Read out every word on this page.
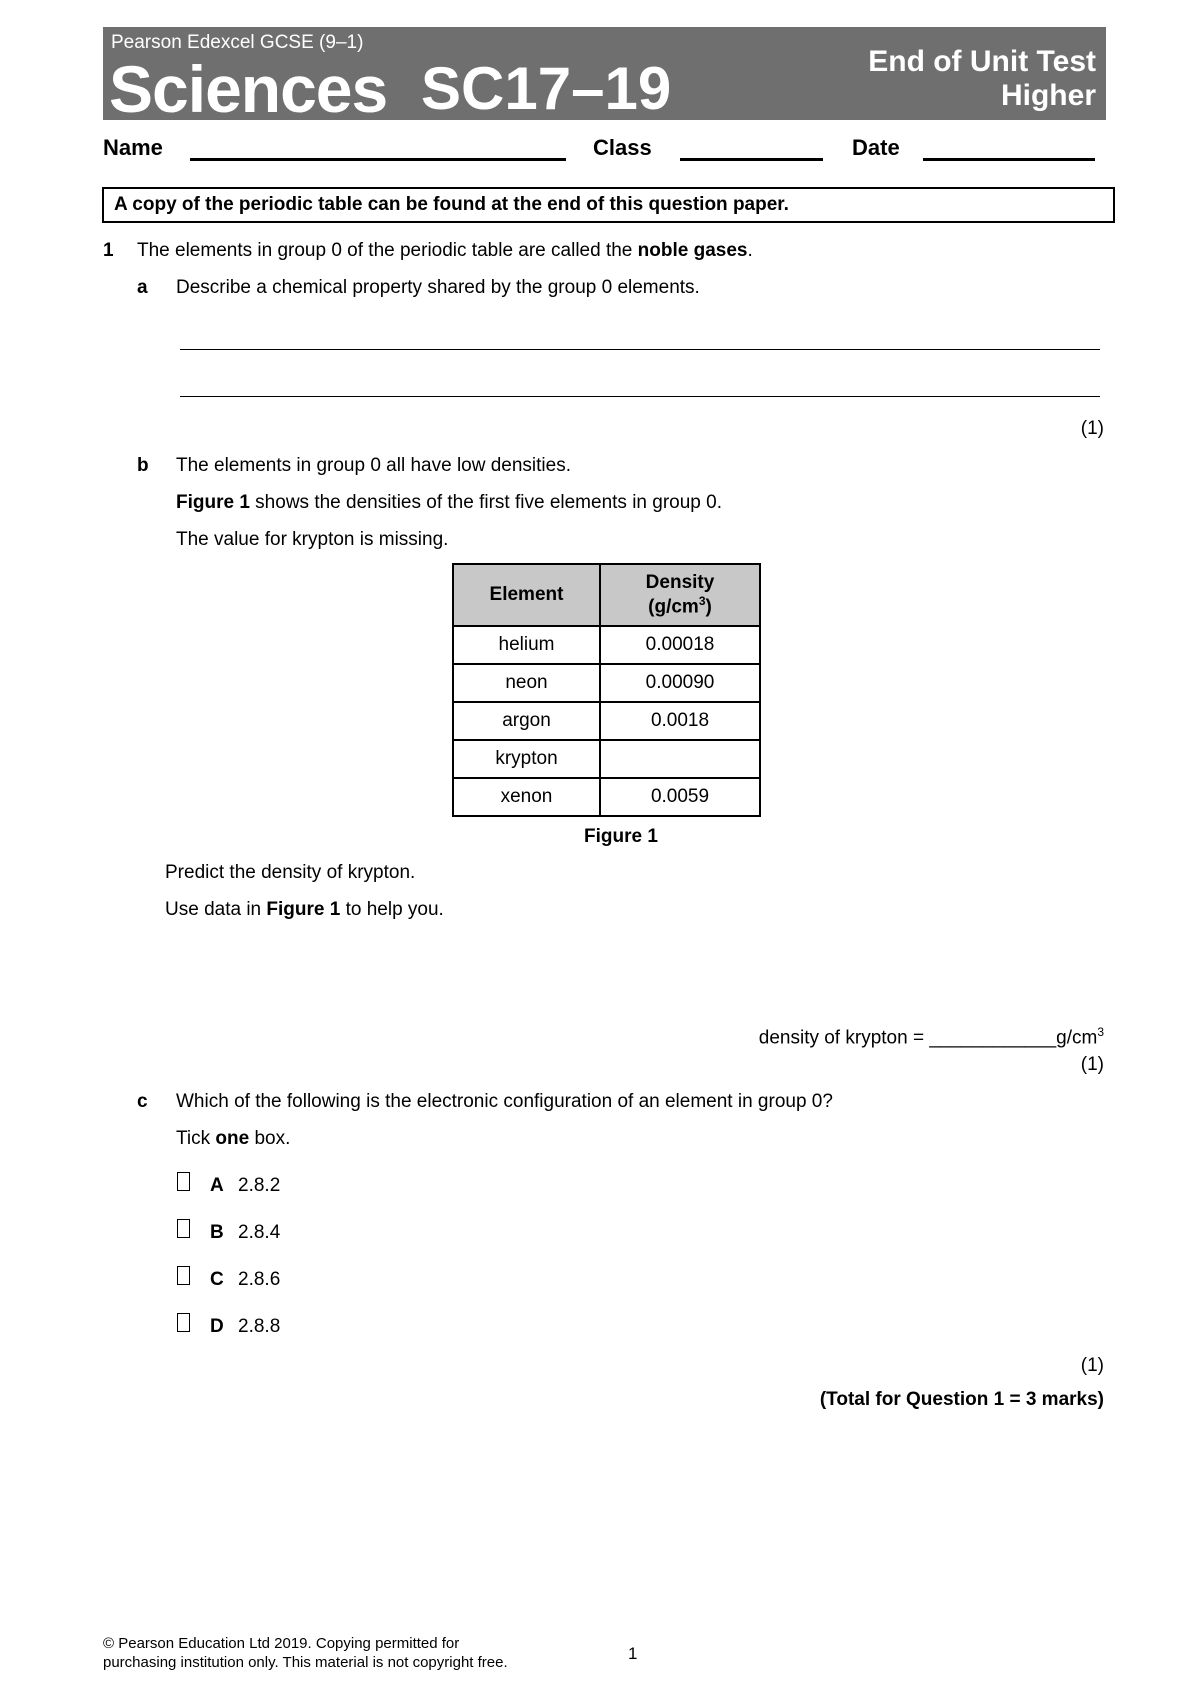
Pearson Edexcel GCSE (9–1)
Sciences SC17–19	End of Unit Test
Higher
Name	Class	Date
A copy of the periodic table can be found at the end of this question paper.
1 The elements in group 0 of the periodic table are called the noble gases.
a Describe a chemical property shared by the group 0 elements.
(1)
b The elements in group 0 all have low densities.
Figure 1 shows the densities of the first five elements in group 0.
The value for krypton is missing.
Element	Density
$(g/cm^3)$

helium	0.00018
neon	0.00090
argon	0.0018
krypton	
xenon	0.0059
Figure 1
Predict the density of krypton.
Use data in Figure 1 to help you.
density of krypton = $\_\_\_\_\_\_\_\_\_\_\_\_g/cm^3$
(1)
c Which of the following is the electronic configuration of an element in group 0?
Tick one box.
A 2.8.2
B 2.8.4
C 2.8.6
D 2.8.8
(1)
(Total for Question 1 = 3 marks)
© Pearson Education Ltd 2019. Copying permitted for
purchasing institution only. This material is not copyright free.	1
